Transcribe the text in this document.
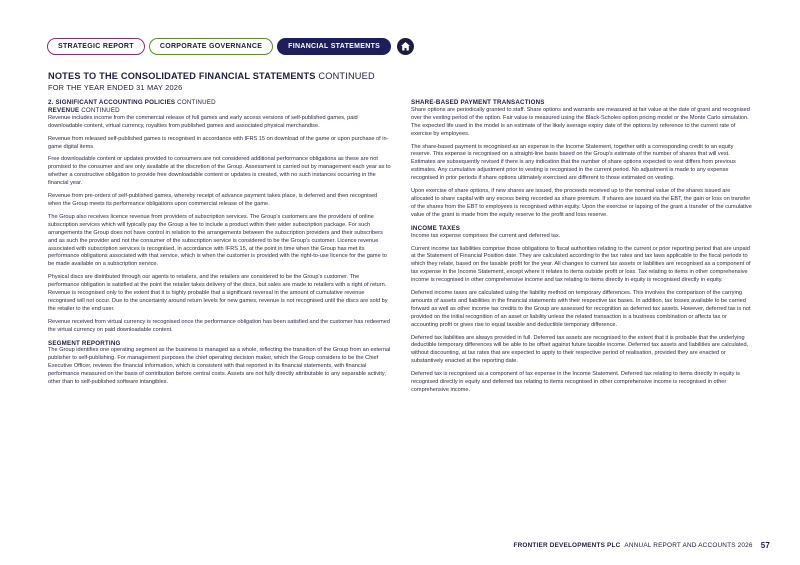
STRATEGIC REPORT	CORPORATE GOVERNANCE	FINANCIAL STATEMENTS
NOTES TO THE CONSOLIDATED FINANCIAL STATEMENTS CONTINUED
FOR THE YEAR ENDED 31 MAY 2026
2. SIGNIFICANT ACCOUNTING POLICIES CONTINUED
REVENUE CONTINUED

Revenue includes income from the commercial release of full games and early access versions of self-published games, paid downloadable content, virtual currency, royalties from published games and associated physical merchandise.

Revenue from released self-published games is recognised in accordance with IFRS 15 on download of the game or upon purchase of in-game digital items.

Free downloadable content or updates provided to consumers are not considered additional performance obligations as these are not promised to the consumer and are only available at the discretion of the Group. Assessment is carried out by management each year as to whether a constructive obligation to provide free downloadable content or updates is created, with no such instances occurring in the financial year.

Revenue from pre-orders of self-published games, whereby receipt of advance payment takes place, is deferred and then recognised when the Group meets its performance obligations upon commercial release of the game.

The Group also receives licence revenue from providers of subscription services. The Group's customers are the providers of online subscription services which will typically pay the Group a fee to include a product within their wider subscription package. For such arrangements the Group does not have control in relation to the arrangements between the subscription providers and their subscribers and as such the provider and not the consumer of the subscription service is considered to be the Group's customer. Licence revenue associated with subscription services is recognised, in accordance with IFRS 15, at the point in time when the Group has met its performance obligations associated with that service, which is when the customer is provided with the right-to-use licence for the game to be made available on a subscription service.

Physical discs are distributed through our agents to retailers, and the retailers are considered to be the Group's customer. The performance obligation is satisfied at the point the retailer takes delivery of the discs, but sales are made to retailers with a right of return. Revenue is recognised only to the extent that it is highly probable that a significant reversal in the amount of cumulative revenue recognised will not occur. Due to the uncertainty around return levels for new games, revenue is not recognised until the discs are sold by the retailer to the end user.

Revenue received from virtual currency is recognised once the performance obligation has been satisfied and the customer has redeemed the virtual currency on paid downloadable content.

SEGMENT REPORTING

The Group identifies one operating segment as the business is managed as a whole, reflecting the transition of the Group from an external publisher to self-publishing. For management purposes the chief operating decision maker, which the Group considers to be the Chief Executive Officer, reviews the financial information, which is consistent with that reported in its financial statements, with financial performance measured on the basis of contribution before central costs. Assets are not fully directly attributable to any separable activity, other than to self-published software intangibles.

SHARE-BASED PAYMENT TRANSACTIONS

Share options are periodically granted to staff. Share options and warrants are measured at fair value at the date of grant and recognised over the vesting period of the option. Fair value is measured using the Black-Scholes option pricing model or the Monte Carlo simulation. The expected life used in the model is an estimate of the likely average expiry date of the options by reference to the current rate of exercise by employees.

The share-based payment is recognised as an expense in the Income Statement, together with a corresponding credit to an equity reserve. This expense is recognised on a straight-line basis based on the Group's estimate of the number of shares that will vest. Estimates are subsequently revised if there is any indication that the number of share options expected to vest differs from previous estimates. Any cumulative adjustment prior to vesting is recognised in the current period. No adjustment is made to any expense recognised in prior periods if share options ultimately exercised are different to those estimated on vesting.

Upon exercise of share options, if new shares are issued, the proceeds received up to the nominal value of the shares issued are allocated to share capital with any excess being recorded as share premium. If shares are issued via the EBT, the gain or loss on transfer of the shares from the EBT to employees is recognised within equity. Upon the exercise or lapsing of the grant a transfer of the cumulative value of the grant is made from the equity reserve to the profit and loss reserve.

INCOME TAXES

Income tax expense comprises the current and deferred tax.

Current income tax liabilities comprise those obligations to fiscal authorities relating to the current or prior reporting period that are unpaid at the Statement of Financial Position date. They are calculated according to the tax rates and tax laws applicable to the fiscal periods to which they relate, based on the taxable profit for the year. All changes to current tax assets or liabilities are recognised as a component of tax expense in the Income Statement, except where it relates to items outside profit or loss. Tax relating to items in other comprehensive income is recognised in other comprehensive income and tax relating to items directly in equity is recognised directly in equity.

Deferred income taxes are calculated using the liability method on temporary differences. This involves the comparison of the carrying amounts of assets and liabilities in the financial statements with their respective tax bases. In addition, tax losses available to be carried forward as well as other income tax credits to the Group are assessed for recognition as deferred tax assets. However, deferred tax is not provided on the initial recognition of an asset or liability unless the related transaction is a business combination or affects tax or accounting profit or gives rise to equal taxable and deductible temporary difference.

Deferred tax liabilities are always provided in full. Deferred tax assets are recognised to the extent that it is probable that the underlying deductible temporary differences will be able to be offset against future taxable income. Deferred tax assets and liabilities are calculated, without discounting, at tax rates that are expected to apply to their respective period of realisation, provided they are enacted or substantively enacted at the reporting date.

Deferred tax is recognised as a component of tax expense in the Income Statement. Deferred tax relating to items directly in equity is recognised directly in equity and deferred tax relating to items recognised in other comprehensive income is recognised in other comprehensive income.

FRONTIER DEVELOPMENTS PLC ANNUAL REPORT AND ACCOUNTS 2026 57
